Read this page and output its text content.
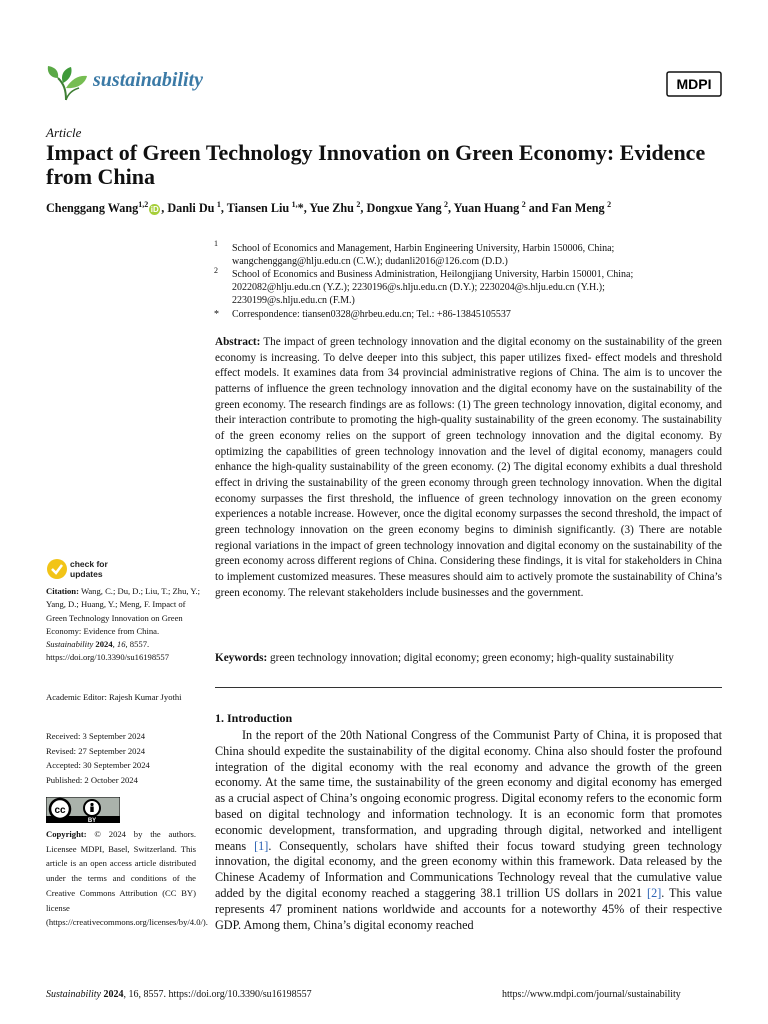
sustainability	MDPI
Article
Impact of Green Technology Innovation on Green Economy: Evidence from China
Chenggang Wang$^{1,2}$iD , Danli Du  $^1$, Tiansen Liu  $^{1,}$*, Yue Zhu  $^2$, Dongxue Yang  $^2$, Yuan Huang  $^2$ and Fan Meng  $^2$
1 School of Economics and Management, Harbin Engineering University, Harbin 150006, China;
wangchenggang@hlju.edu.cn (C.W.); dudanli2016@126.com (D.D.)
2 School of Economics and Business Administration, Heilongjiang University, Harbin 150001, China;
2022082@hlju.edu.cn (Y.Z.); 2230196@s.hlju.edu.cn (D.Y.); 2230204@s.hlju.edu.cn (Y.H.);
2230199@s.hlju.edu.cn (F.M.)
* Correspondence: tiansen0328@hrbeu.edu.cn; Tel.: +86-13845105537
Abstract: The impact of green technology innovation and the digital economy on the sustainability of the green economy is increasing. To delve deeper into this subject, this paper utilizes fixed- effect models and threshold effect models. It examines data from 34 provincial administrative regions of China. The aim is to uncover the patterns of influence the green technology innovation and the digital economy have on the sustainability of the green economy. The research findings are as follows: (1) The green technology innovation, digital economy, and their interaction contribute to promoting the high-quality sustainability of the green economy. The sustainability of the green economy relies on the support of green technology innovation and the digital economy. By optimizing the capabilities of green technology innovation and the level of digital economy, managers could enhance the high-quality sustainability of the green economy. (2) The digital economy exhibits a dual threshold effect in driving the sustainability of the green economy through green technology innovation. When the digital economy surpasses the first threshold, the influence of green technology innovation on the green economy experiences a notable increase. However, once the digital economy surpasses the second threshold, the impact of green technology innovation on the green economy begins to diminish significantly. (3) There are notable regional variations in the impact of green technology innovation and digital economy on the sustainability of the green economy across different regions of China. Considering these findings, it is vital for stakeholders in China to implement customized measures. These measures should aim to actively promote the sustainability of China’s green economy. The relevant stakeholders include businesses and the government.
Keywords: green technology innovation; digital economy; green economy; high-quality sustainability
1. Introduction
In the report of the 20th National Congress of the Communist Party of China, it is proposed that China should expedite the sustainability of the digital economy. China also should foster the profound integration of the digital economy with the real economy and advance the growth of the green economy. At the same time, the sustainability of the green economy and digital economy has emerged as a crucial aspect of China’s ongoing economic progress. Digital economy refers to the economic form based on digital technology and information technology. It is an economic form that promotes economic development, transformation, and upgrading through digital, networked and intelligent means [1]. Consequently, scholars have shifted their focus toward studying green technology innovation, the digital economy, and the green economy within this framework. Data released by the Chinese Academy of Information and Communications Technology reveal that the cumulative value added by the digital economy reached a staggering 38.1 trillion US dollars in 2021 [2]. This value represents 47 prominent nations worldwide and accounts for a noteworthy 45% of their respective GDP. Among them, China’s digital economy reached
check for
updates
Citation: Wang, C.; Du, D.; Liu, T.; Zhu, Y.; Yang, D.; Huang, Y.; Meng, F. Impact of Green Technology Innovation on Green Economy: Evidence from China. Sustainability 2024, 16, 8557. https://doi.org/10.3390/su16198557
Academic Editor: Rajesh Kumar Jyothi
Received: 3 September 2024
Revised: 27 September 2024
Accepted: 30 September 2024
Published: 2 October 2024
cc
BY
Copyright: © 2024 by the authors. Licensee MDPI, Basel, Switzerland. This article is an open access article distributed under the terms and conditions of the Creative Commons Attribution (CC BY) license (https://creativecommons.org/licenses/by/4.0/).
Sustainability 2024, 16, 8557. https://doi.org/10.3390/su16198557	https://www.mdpi.com/journal/sustainability
